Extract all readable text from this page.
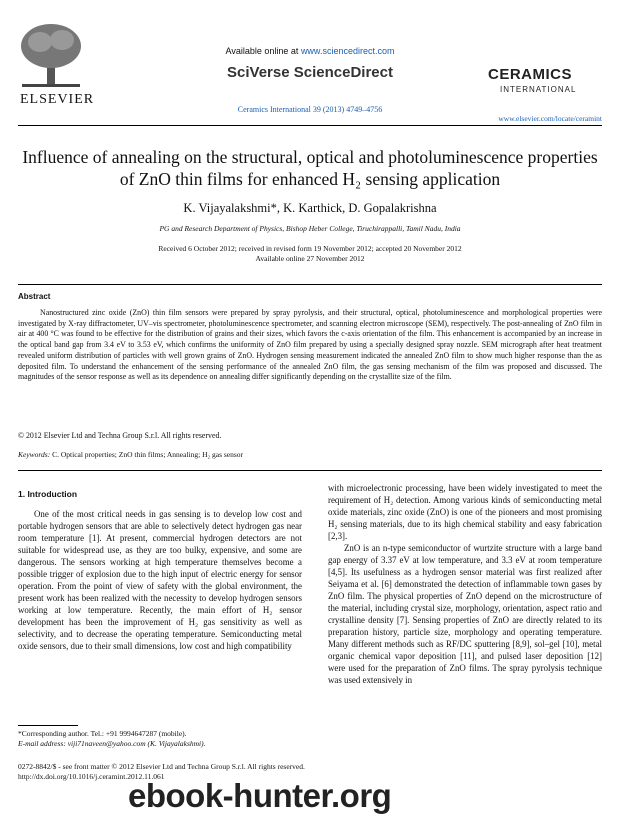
ELSEVIER
Available online at www.sciencedirect.com
SciVerse ScienceDirect
Ceramics International 39 (2013) 4749–4756
CERAMICS
INTERNATIONAL
www.elsevier.com/locate/ceramint
Influence of annealing on the structural, optical and photoluminescence properties of ZnO thin films for enhanced H₂ sensing application
K. Vijayalakshmi*, K. Karthick, D. Gopalakrishna
PG and Research Department of Physics, Bishop Heber College, Tiruchirappalli, Tamil Nadu, India
Received 6 October 2012; received in revised form 19 November 2012; accepted 20 November 2012
Available online 27 November 2012
Abstract
Nanostructured zinc oxide (ZnO) thin film sensors were prepared by spray pyrolysis, and their structural, optical, photoluminescence and morphological properties were investigated by X-ray diffractometer, UV–vis spectrometer, photoluminescence spectrometer, and scanning electron microscope (SEM), respectively. The post-annealing of ZnO film in air at 400 °C was found to be effective for the distribution of grains and their sizes, which favors the c-axis orientation of the film. This enhancement is accompanied by an increase in the optical band gap from 3.4 eV to 3.53 eV, which confirms the uniformity of ZnO film prepared by using a specially designed spray nozzle. SEM micrograph after heat treatment revealed uniform distribution of particles with well grown grains of ZnO. Hydrogen sensing measurement indicated the annealed ZnO film to show much higher response than the as deposited film. To understand the enhancement of the sensing performance of the annealed ZnO film, the gas sensing mechanism of the film was proposed and discussed. The magnitudes of the sensor response as well as its dependence on annealing differ significantly depending on the crystallite size of the film.
© 2012 Elsevier Ltd and Techna Group S.r.l. All rights reserved.
Keywords: C. Optical properties; ZnO thin films; Annealing; H₂ gas sensor
1. Introduction
One of the most critical needs in gas sensing is to develop low cost and portable hydrogen sensors that are able to selectively detect hydrogen gas near room temperature [1]. At present, commercial hydrogen detectors are not suitable for widespread use, as they are too bulky, expensive, and some are dangerous. The sensors working at high temperature themselves become a possible trigger of explosion due to the high input of electric energy for sensor operation. From the point of view of safety with the global environment, the present work has been realized with the necessity to develop hydrogen sensors working at low temperature. Recently, the main effort of H₂ sensor development has been the improvement of H₂ gas sensitivity as well as selectivity, and to decrease the operating temperature. Semiconducting metal oxide sensors, due to their small dimensions, low cost and high compatibility

with microelectronic processing, have been widely investigated to meet the requirement of H₂ detection. Among various kinds of semiconducting metal oxide materials, zinc oxide (ZnO) is one of the pioneers and most promising H₂ sensing materials, due to its high chemical stability and easy fabrication [2,3].

ZnO is an n-type semiconductor of wurtzite structure with a large band gap energy of 3.37 eV at low temperature, and 3.3 eV at room temperature [4,5]. Its usefulness as a hydrogen sensor material was first realized after Seiyama et al. [6] demonstrated the detection of inflammable town gases by ZnO film. The physical properties of ZnO depend on the microstructure of the material, including crystal size, morphology, orientation, aspect ratio and crystalline density [7]. Sensing properties of ZnO are directly related to its preparation history, particle size, morphology and operating temperature. Many different methods such as RF/DC sputtering [8,9], sol–gel [10], metal organic chemical vapor deposition [11], and pulsed laser deposition [12] were used for the preparation of ZnO films. The spray pyrolysis technique was used extensively in

*Corresponding author. Tel.: +91 9994647287 (mobile).
E-mail address: viji71naveen@yahoo.com (K. Vijayalakshmi).
0272-8842/$ - see front matter © 2012 Elsevier Ltd and Techna Group S.r.l. All rights reserved.
http://dx.doi.org/10.1016/j.ceramint.2012.11.061
ebook-hunter.org
